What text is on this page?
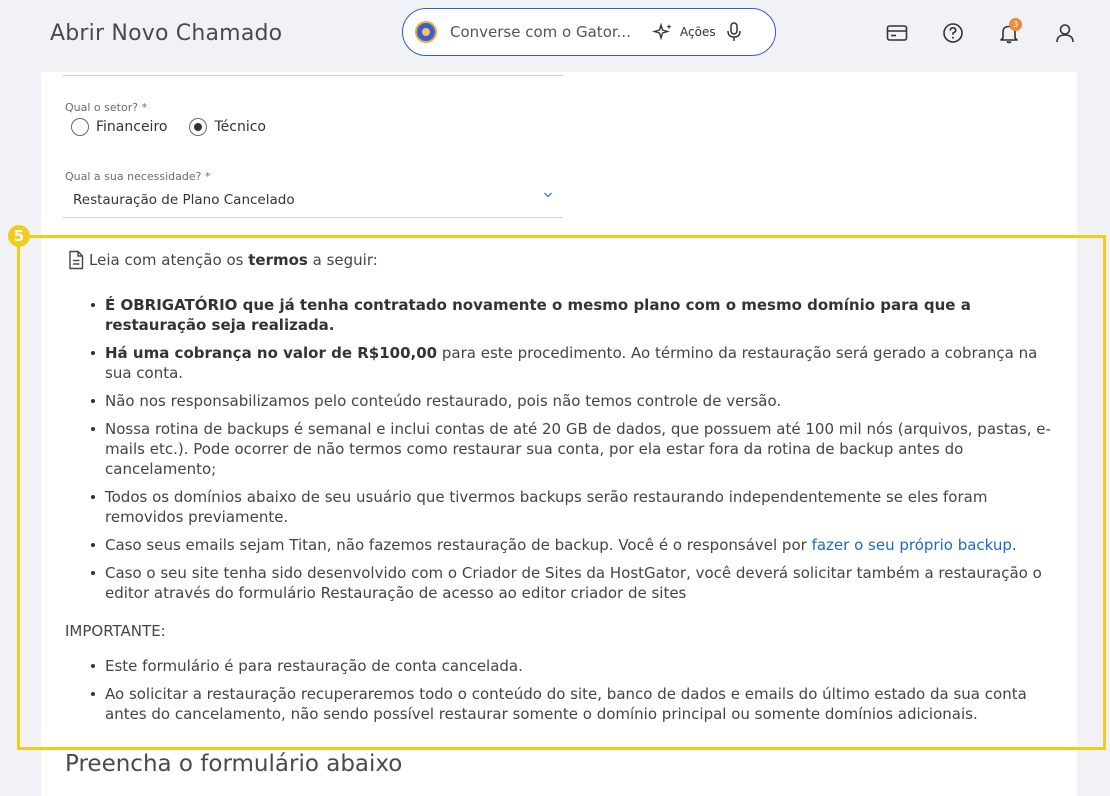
Abrir Novo Chamado	Converse com o Gator...	Ações
3
Qual o setor? *
Financeiro	Técnico
Qual a sua necessidade? *
Restauração de Plano Cancelado
5
Leia com atenção os
termos
a seguir:
É OBRIGATÓRIO que já tenha contratado novamente o mesmo plano com o mesmo domínio para que a restauração seja realizada.
Há uma cobrança no valor de R$100,00 para este procedimento. Ao término da restauração será gerado a cobrança na sua conta.
Não nos responsabilizamos pelo conteúdo restaurado, pois não temos controle de versão.
Nossa rotina de backups é semanal e inclui contas de até 20 GB de dados, que possuem até 100 mil nós (arquivos, pastas, e-mails etc.). Pode ocorrer de não termos como restaurar sua conta, por ela estar fora da rotina de backup antes do cancelamento;
Todos os domínios abaixo de seu usuário que tivermos backups serão restaurando independentemente se eles foram removidos previamente.
Caso seus emails sejam Titan, não fazemos restauração de backup. Você é o responsável por fazer o seu próprio backup.
Caso o seu site tenha sido desenvolvido com o Criador de Sites da HostGator, você deverá solicitar também a restauração o editor através do formulário Restauração de acesso ao editor criador de sites
IMPORTANTE:
Este formulário é para restauração de conta cancelada.
Ao solicitar a restauração recuperaremos todo o conteúdo do site, banco de dados e emails do último estado da sua conta antes do cancelamento, não sendo possível restaurar somente o domínio principal ou somente domínios adicionais.
Preencha o formulário abaixo
